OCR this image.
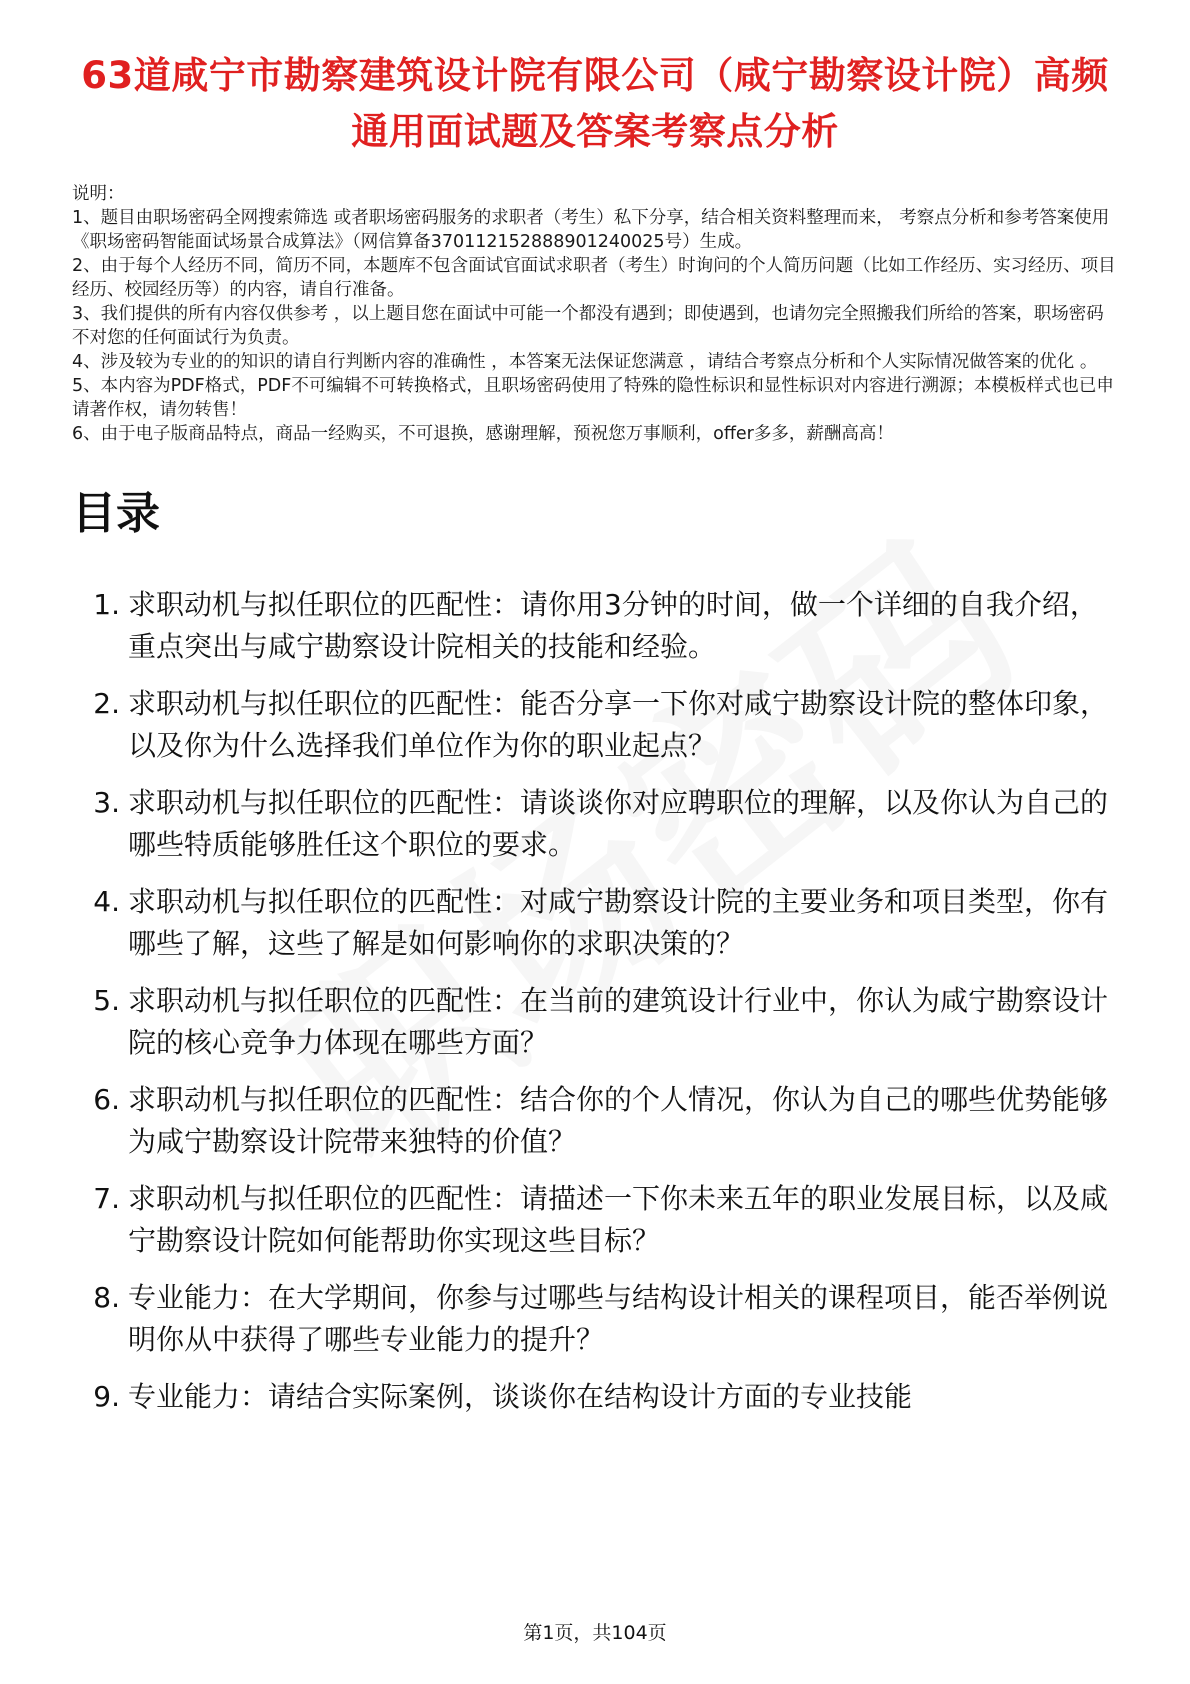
63道咸宁市勘察建筑设计院有限公司（咸宁勘察设计院）高频通用面试题及答案考察点分析

说明：

1、题目由职场密码全网搜索筛选 或者职场密码服务的求职者（考生）私下分享，结合相关资料整理而来， 考察点分析和参考答案使用《职场密码智能面试场景合成算法》（网信算备370112152888901240025号）生成。

2、由于每个人经历不同，简历不同，本题库不包含面试官面试求职者（考生）时询问的个人简历问题（比如工作经历、实习经历、项目经历、校园经历等）的内容，请自行准备。

3、我们提供的所有内容仅供参考 ，以上题目您在面试中可能一个都没有遇到；即使遇到，也请勿完全照搬我们所给的答案，职场密码不对您的任何面试行为负责。

4、涉及较为专业的的知识的请自行判断内容的准确性 ，本答案无法保证您满意 ，请结合考察点分析和个人实际情况做答案的优化 。

5、本内容为PDF格式，PDF不可编辑不可转换格式，且职场密码使用了特殊的隐性标识和显性标识对内容进行溯源；本模板样式也已申请著作权，请勿转售！

6、由于电子版商品特点，商品一经购买，不可退换，感谢理解，预祝您万事顺利，offer多多，薪酬高高！

目录
1. 求职动机与拟任职位的匹配性：请你用3分钟的时间，做一个详细的自我介绍，重点突出与咸宁勘察设计院相关的技能和经验。
2. 求职动机与拟任职位的匹配性：能否分享一下你对咸宁勘察设计院的整体印象，以及你为什么选择我们单位作为你的职业起点？
3. 求职动机与拟任职位的匹配性：请谈谈你对应聘职位的理解，以及你认为自己的哪些特质能够胜任这个职位的要求。
4. 求职动机与拟任职位的匹配性：对咸宁勘察设计院的主要业务和项目类型，你有哪些了解，这些了解是如何影响你的求职决策的？
5. 求职动机与拟任职位的匹配性：在当前的建筑设计行业中，你认为咸宁勘察设计院的核心竞争力体现在哪些方面？
6. 求职动机与拟任职位的匹配性：结合你的个人情况，你认为自己的哪些优势能够为咸宁勘察设计院带来独特的价值？
7. 求职动机与拟任职位的匹配性：请描述一下你未来五年的职业发展目标，以及咸宁勘察设计院如何能帮助你实现这些目标？
8. 专业能力：在大学期间，你参与过哪些与结构设计相关的课程项目，能否举例说明你从中获得了哪些专业能力的提升？
9. 专业能力：请结合实际案例，谈谈你在结构设计方面的专业技能
第1页，共104页
